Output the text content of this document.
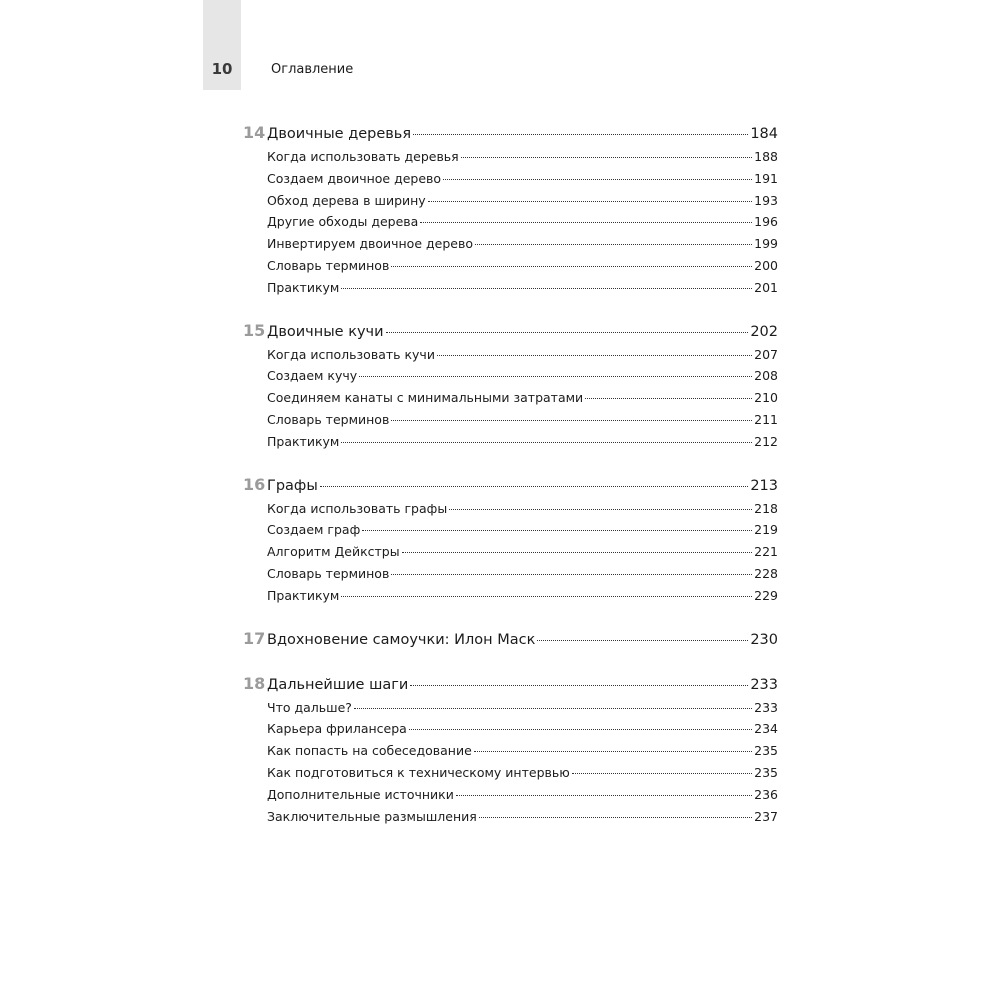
10	Оглавление
14 Двоичные деревья	184
Когда использовать деревья	188
Создаем двоичное дерево	191
Обход дерева в ширину	193
Другие обходы дерева	196
Инвертируем двоичное дерево	199
Словарь терминов	200
Практикум	201
15 Двоичные кучи	202
Когда использовать кучи	207
Создаем кучу	208
Соединяем канаты с минимальными затратами	210
Словарь терминов	211
Практикум	212
16 Графы	213
Когда использовать графы	218
Создаем граф	219
Алгоритм Дейкстры	221
Словарь терминов	228
Практикум	229
17 Вдохновение самоучки: Илон Маск	230
18 Дальнейшие шаги	233
Что дальше?	233
Карьера фрилансера	234
Как попасть на собеседование	235
Как подготовиться к техническому интервью	235
Дополнительные источники	236
Заключительные размышления	237
